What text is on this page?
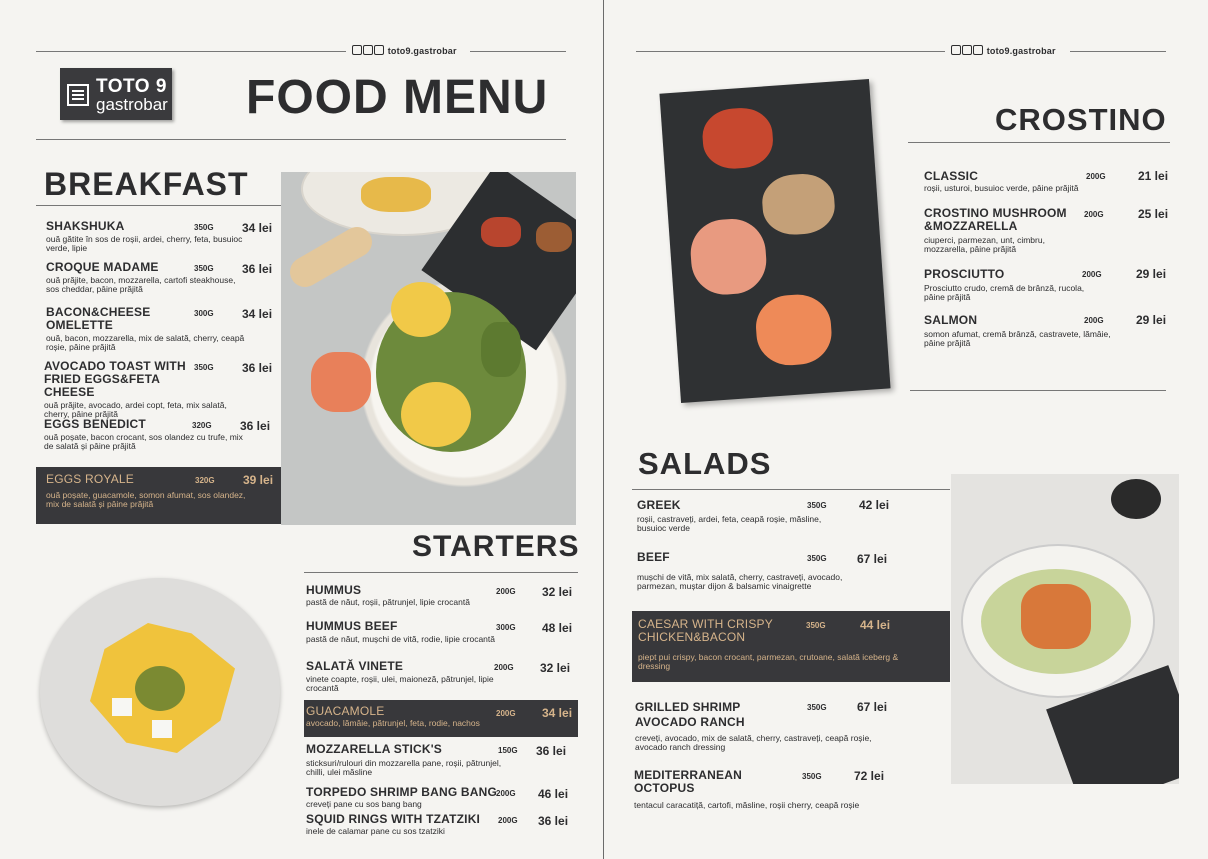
toto9.gastrobar	toto9.gastrobar
TOTO 9
gastrobar FOOD MENU
BREAKFAST
SHAKSHUKA	350G 34 lei
ouă gătite în sos de roșii, ardei, cherry, feta, busuioc verde, lipie
CROQUE MADAME	350G 36 lei
ouă prăjite, bacon, mozzarella, cartofi steakhouse, sos cheddar, pâine prăjită
BACON&CHEESE OMELETTE
300G 34 lei
ouă, bacon, mozzarella, mix de salată, cherry, ceapă roșie, pâine prăjită
AVOCADO TOAST WITH FRIED EGGS&FETA CHEESE
350G 36 lei
ouă prăjite, avocado, ardei copt, feta, mix salată, cherry, pâine prăjită
EGGS BENEDICT	320G 36 lei
ouă poșate, bacon crocant, sos olandez cu trufe, mix de salată și pâine prăjită
EGGS ROYALE	320G 39 lei
ouă poșate, guacamole, somon afumat, sos olandez, mix de salată și pâine prăjită
STARTERS
HUMMUS	200G 32 lei
pastă de năut, roșii, pătrunjel, lipie crocantă
HUMMUS BEEF	300G 48 lei
pastă de năut, mușchi de vită, rodie, lipie crocantă
SALATĂ VINETE	200G 32 lei
vinete coapte, roșii, ulei, maioneză, pătrunjel, lipie crocantă
GUACAMOLE	200G 34 lei
avocado, lămâie, pătrunjel, feta, rodie, nachos
MOZZARELLA STICK'S	150G 36 lei
sticksuri/rulouri din mozzarella pane, roșii, pătrunjel, chilli, ulei măsline
TORPEDO SHRIMP BANG BANG
200G 46 lei
creveți pane cu sos bang bang
SQUID RINGS WITH TZATZIKI	200G 36 lei
inele de calamar pane cu sos tzatziki
CROSTINO
CLASSIC	200G	21 lei
roșii, usturoi, busuioc verde, pâine prăjită
CROSTINO MUSHROOM &MOZZARELLA
200G	25 lei
ciuperci, parmezan, unt, cimbru, mozzarella, pâine prăjită
PROSCIUTTO	200G	29 lei
Prosciutto crudo, cremă de brânză, rucola, pâine prăjită
SALMON	200G	29 lei
somon afumat, cremă brânză, castravete, lămâie, pâine prăjită
SALADS
GREEK	350G	42 lei
roșii, castraveți, ardei, feta, ceapă roșie, măsline, busuioc verde
BEEF	350G	67 lei
mușchi de vită, mix salată, cherry, castraveți, avocado, parmezan, muștar dijon & balsamic vinaigrette
CAESAR WITH CRISPY CHICKEN&BACON
350G	44 lei
piept pui crispy, bacon crocant, parmezan, crutoane, salată iceberg & dressing
GRILLED SHRIMP AVOCADO RANCH
350G	67 lei
creveți, avocado, mix de salată, cherry, castraveți, ceapă roșie, avocado ranch dressing
MEDITERRANEAN OCTOPUS
350G	72 lei
tentacul caracatiță, cartofi, măsline, roșii cherry, ceapă roșie
